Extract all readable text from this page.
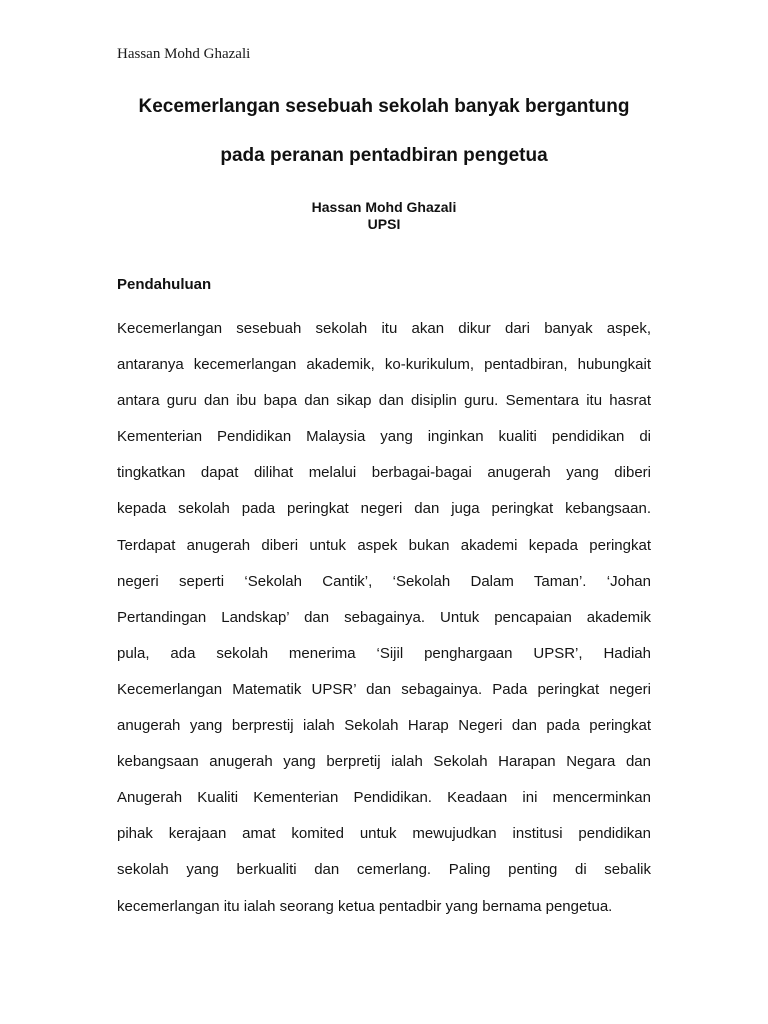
Hassan Mohd Ghazali
Kecemerlangan sesebuah sekolah banyak bergantung
pada peranan pentadbiran pengetua
Hassan Mohd Ghazali
UPSI
Pendahuluan
Kecemerlangan sesebuah sekolah itu akan dikur dari banyak aspek,
antaranya kecemerlangan akademik, ko-kurikulum, pentadbiran, hubungkait
antara guru dan ibu bapa dan sikap dan disiplin guru. Sementara itu hasrat
Kementerian Pendidikan Malaysia yang inginkan kualiti pendidikan di
tingkatkan dapat dilihat melalui berbagai-bagai anugerah yang diberi
kepada sekolah pada peringkat negeri dan juga peringkat kebangsaan.
Terdapat anugerah diberi untuk aspek bukan akademi kepada peringkat
negeri seperti ‘Sekolah Cantik’, ‘Sekolah Dalam Taman’. ‘Johan
Pertandingan Landskap’ dan sebagainya. Untuk pencapaian akademik
pula, ada sekolah menerima ‘Sijil penghargaan UPSR’, Hadiah
Kecemerlangan Matematik UPSR’ dan sebagainya. Pada peringkat negeri
anugerah yang berprestij ialah Sekolah Harap Negeri dan pada peringkat
kebangsaan anugerah yang berpretij ialah Sekolah Harapan Negara dan
Anugerah Kualiti Kementerian Pendidikan. Keadaan ini mencerminkan
pihak kerajaan amat komited untuk mewujudkan institusi pendidikan
sekolah yang berkualiti dan cemerlang. Paling penting di sebalik
kecemerlangan itu ialah seorang ketua pentadbir yang bernama pengetua.
